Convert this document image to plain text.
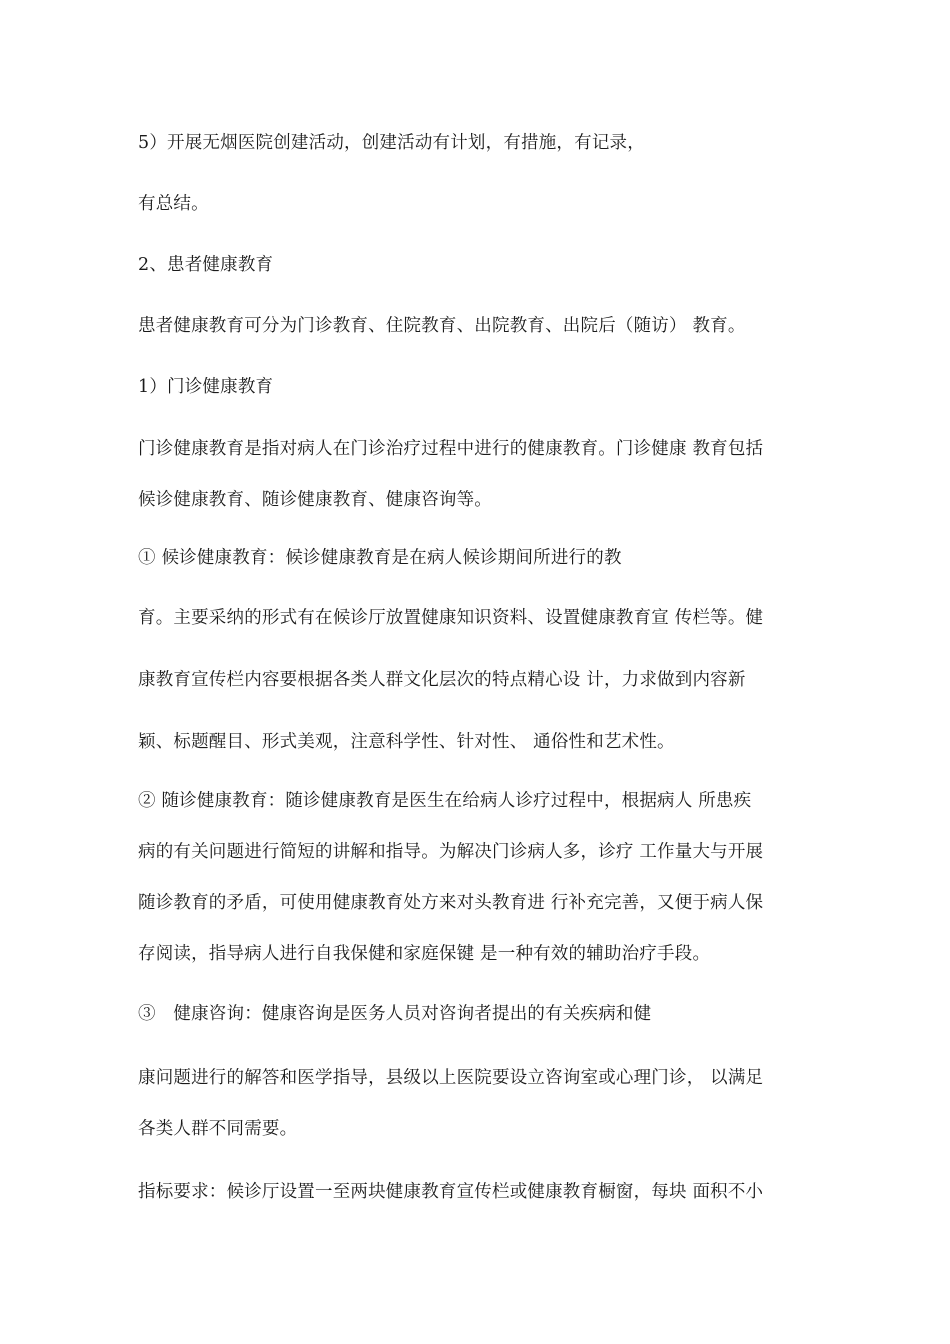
5）开展无烟医院创建活动，创建活动有计划，有措施，有记录，
有总结。
2、患者健康教育
患者健康教育可分为门诊教育、住院教育、出院教育、出院后（随访） 教育。
1）门诊健康教育
门诊健康教育是指对病人在门诊治疗过程中进行的健康教育。门诊健康 教育包括
候诊健康教育、随诊健康教育、健康咨询等。
① 候诊健康教育：候诊健康教育是在病人候诊期间所进行的教
育。主要采纳的形式有在候诊厅放置健康知识资料、设置健康教育宣 传栏等。健
康教育宣传栏内容要根据各类人群文化层次的特点精心设 计，力求做到内容新
颖、标题醒目、形式美观，注意科学性、针对性、 通俗性和艺术性。
② 随诊健康教育：随诊健康教育是医生在给病人诊疗过程中，根据病人 所患疾
病的有关问题进行简短的讲解和指导。为解决门诊病人多，诊疗 工作量大与开展
随诊教育的矛盾，可使用健康教育处方来对头教育进 行补充完善，又便于病人保
存阅读，指导病人进行自我保健和家庭保键 是一种有效的辅助治疗手段。
③　健康咨询：健康咨询是医务人员对咨询者提出的有关疾病和健
康问题进行的解答和医学指导，县级以上医院要设立咨询室或心理门诊， 以满足
各类人群不同需要。
指标要求：候诊厅设置一至两块健康教育宣传栏或健康教育橱窗，每块 面积不小
